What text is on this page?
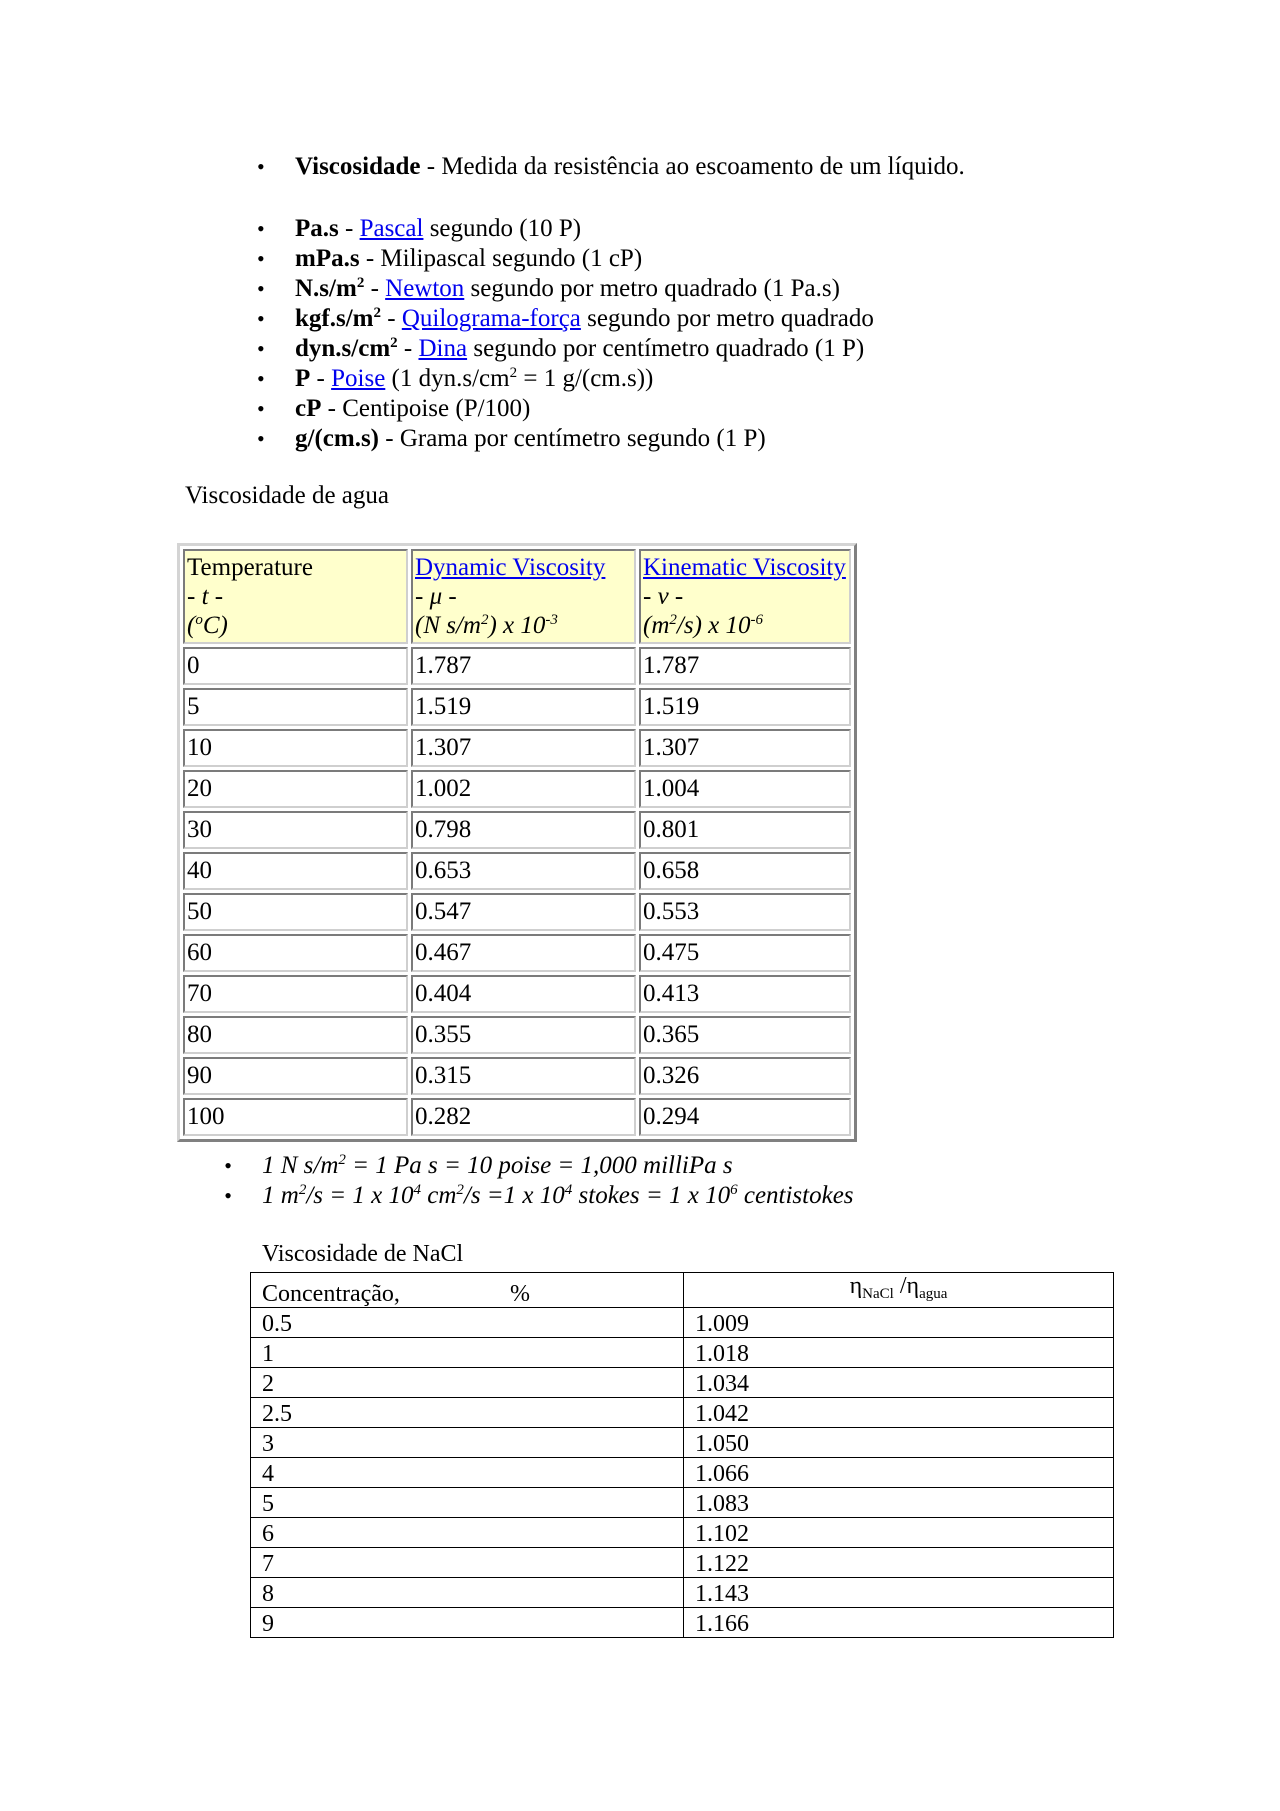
• Viscosidade - Medida da resistência ao escoamento de um líquido.
• Pa.s - Pascal segundo (10 P)
• mPa.s - Milipascal segundo (1 cP)
• $N.s/m^2$ - Newton segundo por metro quadrado (1 Pa.s)
• $kgf.s/m^2$ - Quilograma-força segundo por metro quadrado
• $dyn.s/cm^2$ - Dina segundo por centímetro quadrado (1 P)
• P - Poise (1 $dyn.s/cm^2 = 1$ g/(cm.s))
• cP - Centipoise (P/100)
• g/(cm.s) - Grama por centímetro segundo (1 P)
Viscosidade de agua
Temperature
- t -
($^o$C)	Dynamic Viscosity
- μ -
(N $s/m^2$) x $10^{-3}$	Kinematic Viscosity
- ν -
$(m^2/s)$ x $10^{-6}$
0	1.787	1.787
5	1.519	1.519
10	1.307	1.307
20	1.002	1.004
30	0.798	0.801
40	0.653	0.658
50	0.547	0.553
60	0.467	0.475
70	0.404	0.413
80	0.355	0.365
90	0.315	0.326
100	0.282	0.294
• 1 N $s/m^2 = 1$ Pa s = 10 poise = 1,000 milliPa s
• 1 $m^2/s = 1$ x $10^4$ $cm^2/s =1$ x $10^4$ stokes = 1 x $10^6$ centistokes
Viscosidade de NaCl
Concentração, %	$\eta_{NaCl}$ $/\eta_{agua}$
0.5	1.009
1	1.018
2	1.034
2.5	1.042
3	1.050
4	1.066
5	1.083
6	1.102
7	1.122
8	1.143
9	1.166
